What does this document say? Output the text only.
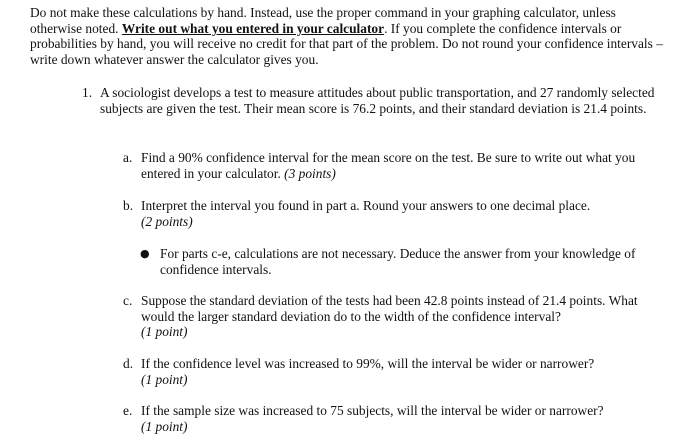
Do not make these calculations by hand. Instead, use the proper command in your graphing calculator, unless otherwise noted. Write out what you entered in your calculator. If you complete the confidence intervals or probabilities by hand, you will receive no credit for that part of the problem. Do not round your confidence intervals – write down whatever answer the calculator gives you.

1. A sociologist develops a test to measure attitudes about public transportation, and 27 randomly selected subjects are given the test. Their mean score is 76.2 points, and their standard deviation is 21.4 points.

a. Find a 90% confidence interval for the mean score on the test. Be sure to write out what you entered in your calculator. (3 points)

b. Interpret the interval you found in part a. Round your answers to one decimal place.
(2 points)
● For parts c-e, calculations are not necessary. Deduce the answer from your knowledge of confidence intervals.

c. Suppose the standard deviation of the tests had been 42.8 points instead of 21.4 points. What would the larger standard deviation do to the width of the confidence interval?
(1 point)
d. If the confidence level was increased to 99%, will the interval be wider or narrower?
(1 point)
e. If the sample size was increased to 75 subjects, will the interval be wider or narrower?
(1 point)
